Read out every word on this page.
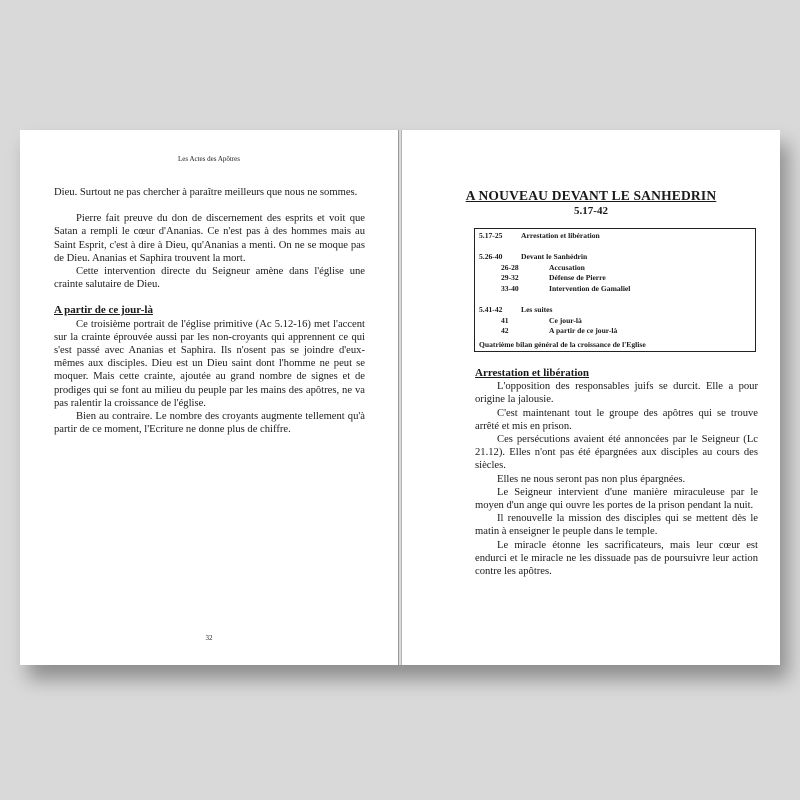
Les Actes des Apôtres

Dieu. Surtout ne pas chercher à paraître meilleurs que nous ne sommes.

Pierre fait preuve du don de discernement des esprits et voit que Satan a rempli le cœur d'Ananias. Ce n'est pas à des hommes mais au Saint Esprit, c'est à dire à Dieu, qu'Ananias a menti. On ne se moque pas de Dieu. Ananias et Saphira trouvent la mort.

Cette intervention directe du Seigneur amène dans l'église une crainte salutaire de Dieu.

A partir de ce jour-là

Ce troisième portrait de l'église primitive (Ac 5.12-16) met l'accent sur la crainte éprouvée aussi par les non-croyants qui apprennent ce qui s'est passé avec Ananias et Saphira. Ils n'osent pas se joindre d'eux-mêmes aux disciples. Dieu est un Dieu saint dont l'homme ne peut se moquer. Mais cette crainte, ajoutée au grand nombre de signes et de prodiges qui se font au milieu du peuple par les mains des apôtres, ne va pas ralentir la croissance de l'église.

Bien au contraire. Le nombre des croyants augmente tellement qu'à partir de ce moment, l'Ecriture ne donne plus de chiffre.

32
A NOUVEAU DEVANT LE SANHEDRIN
5.17-42
5.17-25 Arrestation et libération
5.26-40 Devant le Sanhédrin
26-28	Accusation
29-32	Défense de Pierre
33-40	Intervention de Gamaliel
5.41-42 Les suites
41	Ce jour-là
42	A partir de ce jour-là
Quatrième bilan général de la croissance de l'Eglise

Arrestation et libération

L'opposition des responsables juifs se durcit. Elle a pour origine la jalousie.

C'est maintenant tout le groupe des apôtres qui se trouve arrêté et mis en prison.

Ces persécutions avaient été annoncées par le Seigneur (Lc 21.12). Elles n'ont pas été épargnées aux disciples au cours des siècles.

Elles ne nous seront pas non plus épargnées.

Le Seigneur intervient d'une manière miraculeuse par le moyen d'un ange qui ouvre les portes de la prison pendant la nuit.

Il renouvelle la mission des disciples qui se mettent dès le matin à enseigner le peuple dans le temple.

Le miracle étonne les sacrificateurs, mais leur cœur est endurci et le miracle ne les dissuade pas de poursuivre leur action contre les apôtres.
